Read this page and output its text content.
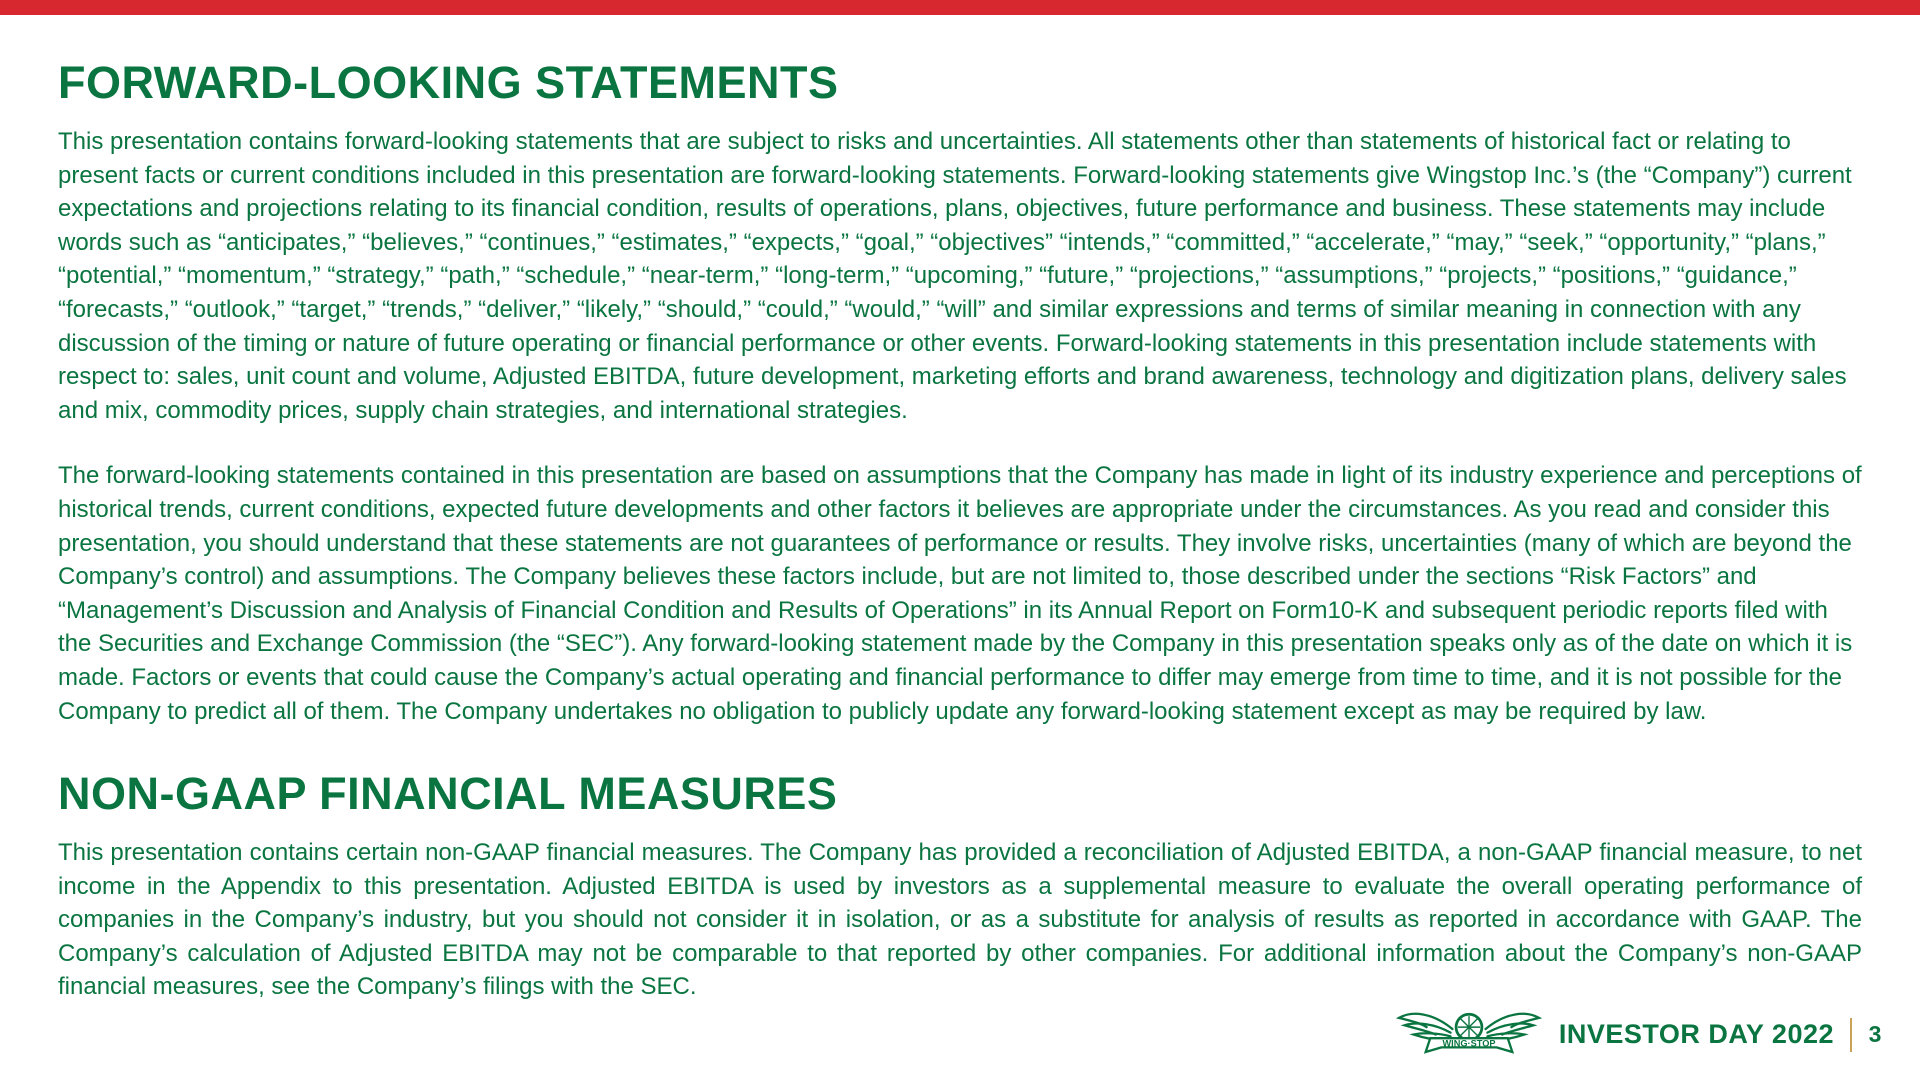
FORWARD-LOOKING STATEMENTS

This presentation contains forward-looking statements that are subject to risks and uncertainties. All statements other than statements of historical fact or relating to present facts or current conditions included in this presentation are forward-looking statements. Forward-looking statements give Wingstop Inc.’s (the “Company”) current expectations and projections relating to its financial condition, results of operations, plans, objectives, future performance and business. These statements may include words such as “anticipates,” “believes,” “continues,” “estimates,” “expects,” “goal,” “objectives” “intends,” “committed,” “accelerate,” “may,” “seek,” “opportunity,” “plans,” “potential,” “momentum,” “strategy,” “path,” “schedule,” “near-term,” “long-term,” “upcoming,” “future,” “projections,” “assumptions,” “projects,” “positions,” “guidance,” “forecasts,” “outlook,” “target,” “trends,” “deliver,” “likely,” “should,” “could,” “would,” “will” and similar expressions and terms of similar meaning in connection with any discussion of the timing or nature of future operating or financial performance or other events. Forward-looking statements in this presentation include statements with respect to: sales, unit count and volume, Adjusted EBITDA, future development, marketing efforts and brand awareness, technology and digitization plans, delivery sales and mix, commodity prices, supply chain strategies, and international strategies.

The forward-looking statements contained in this presentation are based on assumptions that the Company has made in light of its industry experience and perceptions of historical trends, current conditions, expected future developments and other factors it believes are appropriate under the circumstances. As you read and consider this presentation, you should understand that these statements are not guarantees of performance or results. They involve risks, uncertainties (many of which are beyond the Company’s control) and assumptions. The Company believes these factors include, but are not limited to, those described under the sections “Risk Factors” and “Management’s Discussion and Analysis of Financial Condition and Results of Operations” in its Annual Report on Form10-K and subsequent periodic reports filed with the Securities and Exchange Commission (the “SEC”). Any forward-looking statement made by the Company in this presentation speaks only as of the date on which it is made. Factors or events that could cause the Company’s actual operating and financial performance to differ may emerge from time to time, and it is not possible for the Company to predict all of them. The Company undertakes no obligation to publicly update any forward-looking statement except as may be required by law.

NON-GAAP FINANCIAL MEASURES

This presentation contains certain non-GAAP financial measures. The Company has provided a reconciliation of Adjusted EBITDA, a non-GAAP financial measure, to net income in the Appendix to this presentation. Adjusted EBITDA is used by investors as a supplemental measure to evaluate the overall operating performance of companies in the Company’s industry, but you should not consider it in isolation, or as a substitute for analysis of results as reported in accordance with GAAP. The Company’s calculation of Adjusted EBITDA may not be comparable to that reported by other companies. For additional information about the Company’s non-GAAP financial measures, see the Company’s filings with the SEC.

WING·STOP INVESTOR DAY 2022 3
